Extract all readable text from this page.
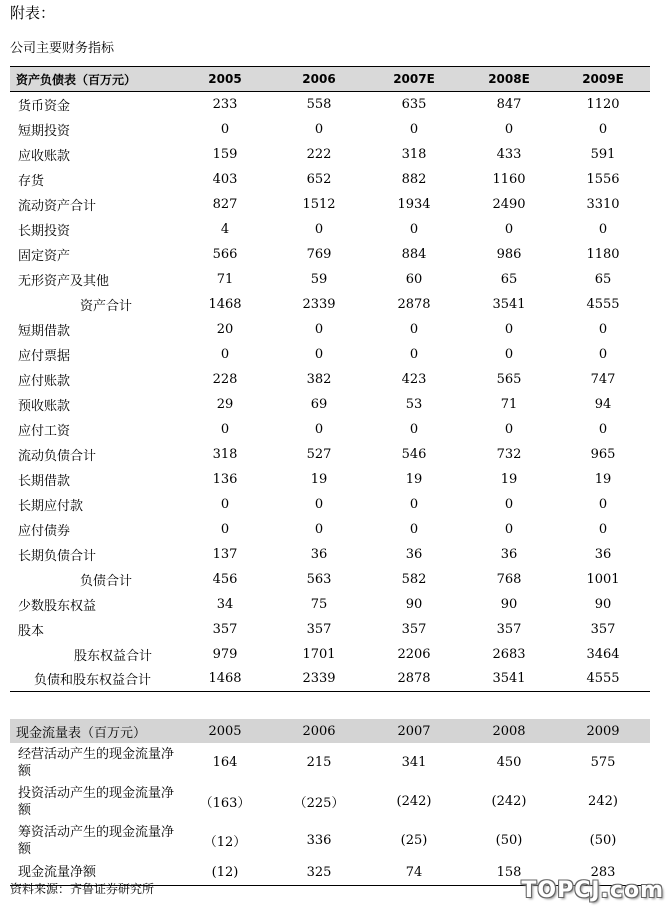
附表：
公司主要财务指标
资产负债表（百万元）	2005	2006	2007E	2008E	2009E
货币资金	233	558	635	847	1120
短期投资	0	0	0	0	0
应收账款	159	222	318	433	591
存货	403	652	882	1160	1556
流动资产合计	827	1512	1934	2490	3310
长期投资	4	0	0	0	0
固定资产	566	769	884	986	1180
无形资产及其他	71	59	60	65	65
资产合计	1468	2339	2878	3541	4555
短期借款	20	0	0	0	0
应付票据	0	0	0	0	0
应付账款	228	382	423	565	747
预收账款	29	69	53	71	94
应付工资	0	0	0	0	0
流动负债合计	318	527	546	732	965
长期借款	136	19	19	19	19
长期应付款	0	0	0	0	0
应付债券	0	0	0	0	0
长期负债合计	137	36	36	36	36
负债合计	456	563	582	768	1001
少数股东权益	34	75	90	90	90
股本	357	357	357	357	357
股东权益合计	979	1701	2206	2683	3464
负债和股东权益合计	1468	2339	2878	3541	4555
现金流量表（百万元）	2005	2006	2007	2008	2009
经营活动产生的现金流量净额	164	215	341	450	575
投资活动产生的现金流量净额	（163）	（225）	(242)	(242)	242)
筹资活动产生的现金流量净额	（12）	336	(25)	(50)	(50)
现金流量净额	(12)	325	74	158	283
资料来源：齐鲁证券研究所	TOPCJ.com
